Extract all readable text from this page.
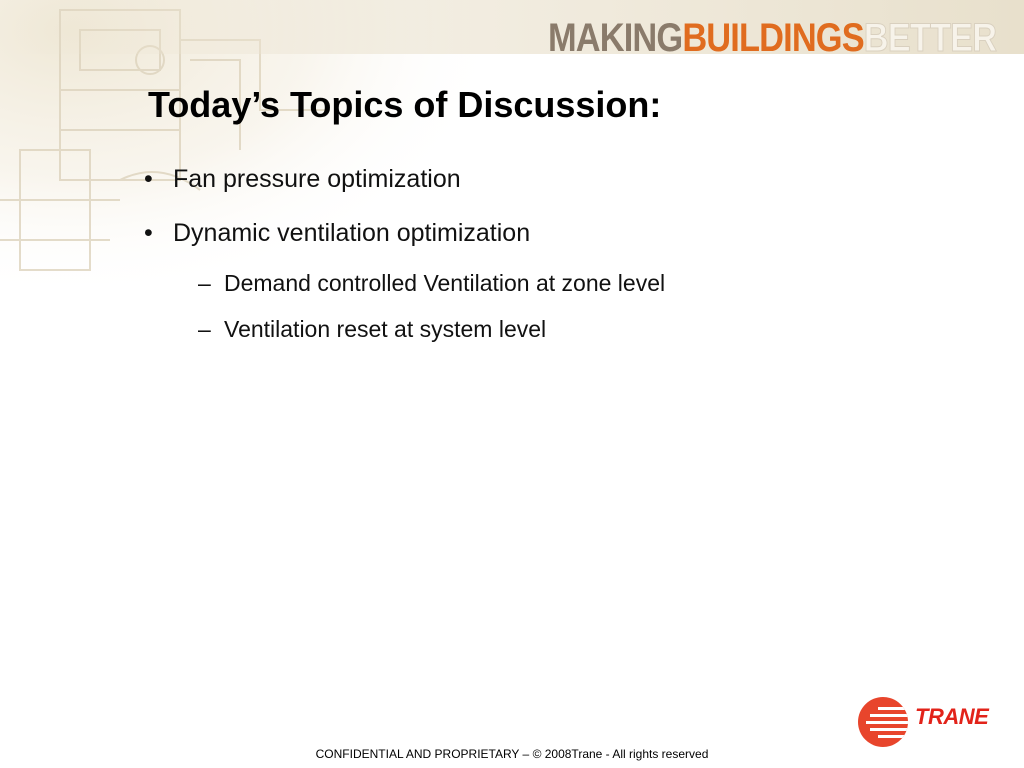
MAKINGBUILDINGSBETTER
Today’s Topics of Discussion:
• Fan pressure optimization
• Dynamic ventilation optimization
– Demand controlled Ventilation at zone level
– Ventilation reset at system level
CONFIDENTIAL AND PROPRIETARY – © 2008Trane - All rights reserved
TRANE
